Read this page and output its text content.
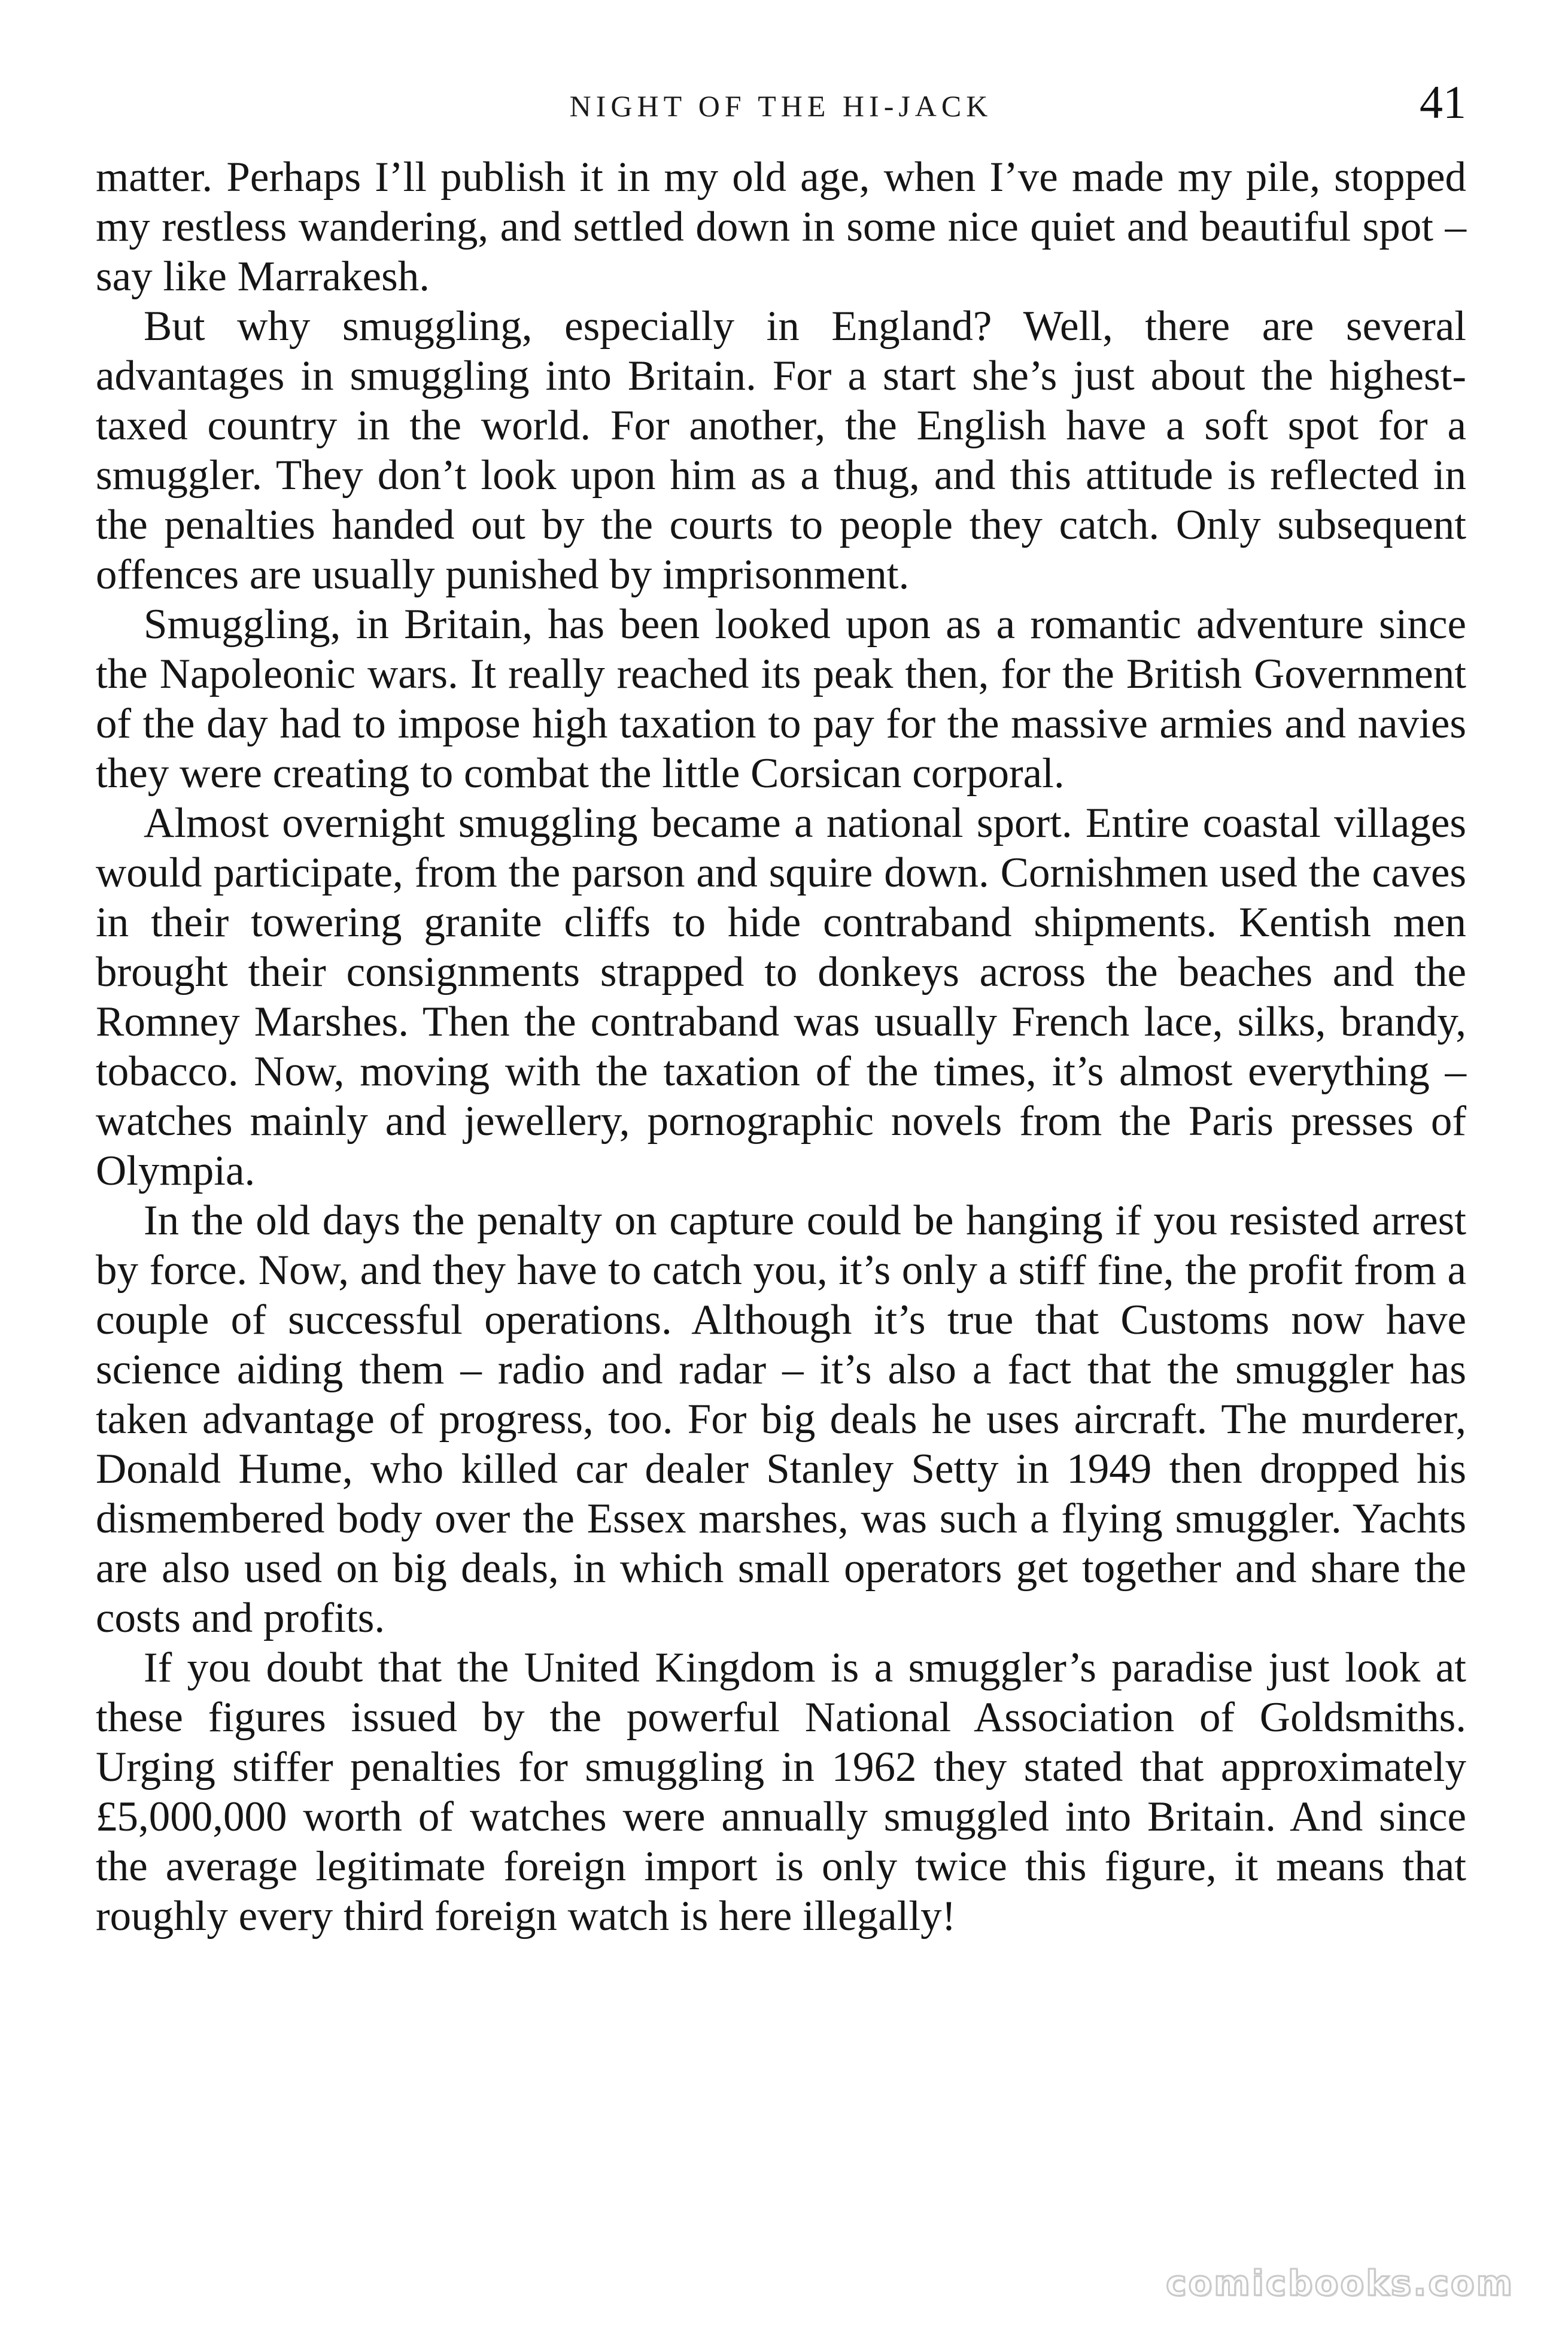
NIGHT OF THE HI-JACK	41

matter. Perhaps I’ll publish it in my old age, when I’ve made my pile, stopped my restless wandering, and settled down in some nice quiet and beautiful spot – say like Marrakesh.

But why smuggling, especially in England? Well, there are several advantages in smuggling into Britain. For a start she’s just about the highest-taxed country in the world. For another, the English have a soft spot for a smuggler. They don’t look upon him as a thug, and this attitude is reflected in the penalties handed out by the courts to people they catch. Only subsequent offences are usually punished by imprisonment.

Smuggling, in Britain, has been looked upon as a romantic adventure since the Napoleonic wars. It really reached its peak then, for the British Government of the day had to impose high taxation to pay for the massive armies and navies they were creating to combat the little Corsican corporal.

Almost overnight smuggling became a national sport. Entire coastal villages would participate, from the parson and squire down. Cornishmen used the caves in their towering granite cliffs to hide contraband shipments. Kentish men brought their consignments strapped to donkeys across the beaches and the Romney Marshes. Then the contraband was usually French lace, silks, brandy, tobacco. Now, moving with the taxation of the times, it’s almost everything – watches mainly and jewellery, pornographic novels from the Paris presses of Olympia.

In the old days the penalty on capture could be hanging if you resisted arrest by force. Now, and they have to catch you, it’s only a stiff fine, the profit from a couple of successful operations. Although it’s true that Customs now have science aiding them – radio and radar – it’s also a fact that the smuggler has taken advantage of progress, too. For big deals he uses aircraft. The murderer, Donald Hume, who killed car dealer Stanley Setty in 1949 then dropped his dismembered body over the Essex marshes, was such a flying smuggler. Yachts are also used on big deals, in which small operators get together and share the costs and profits.

If you doubt that the United Kingdom is a smuggler’s paradise just look at these figures issued by the powerful National Association of Goldsmiths. Urging stiffer penalties for smuggling in 1962 they stated that approximately £5,000,000 worth of watches were annually smuggled into Britain. And since the average legitimate foreign import is only twice this figure, it means that roughly every third foreign watch is here illegally!

comicbooks.com
